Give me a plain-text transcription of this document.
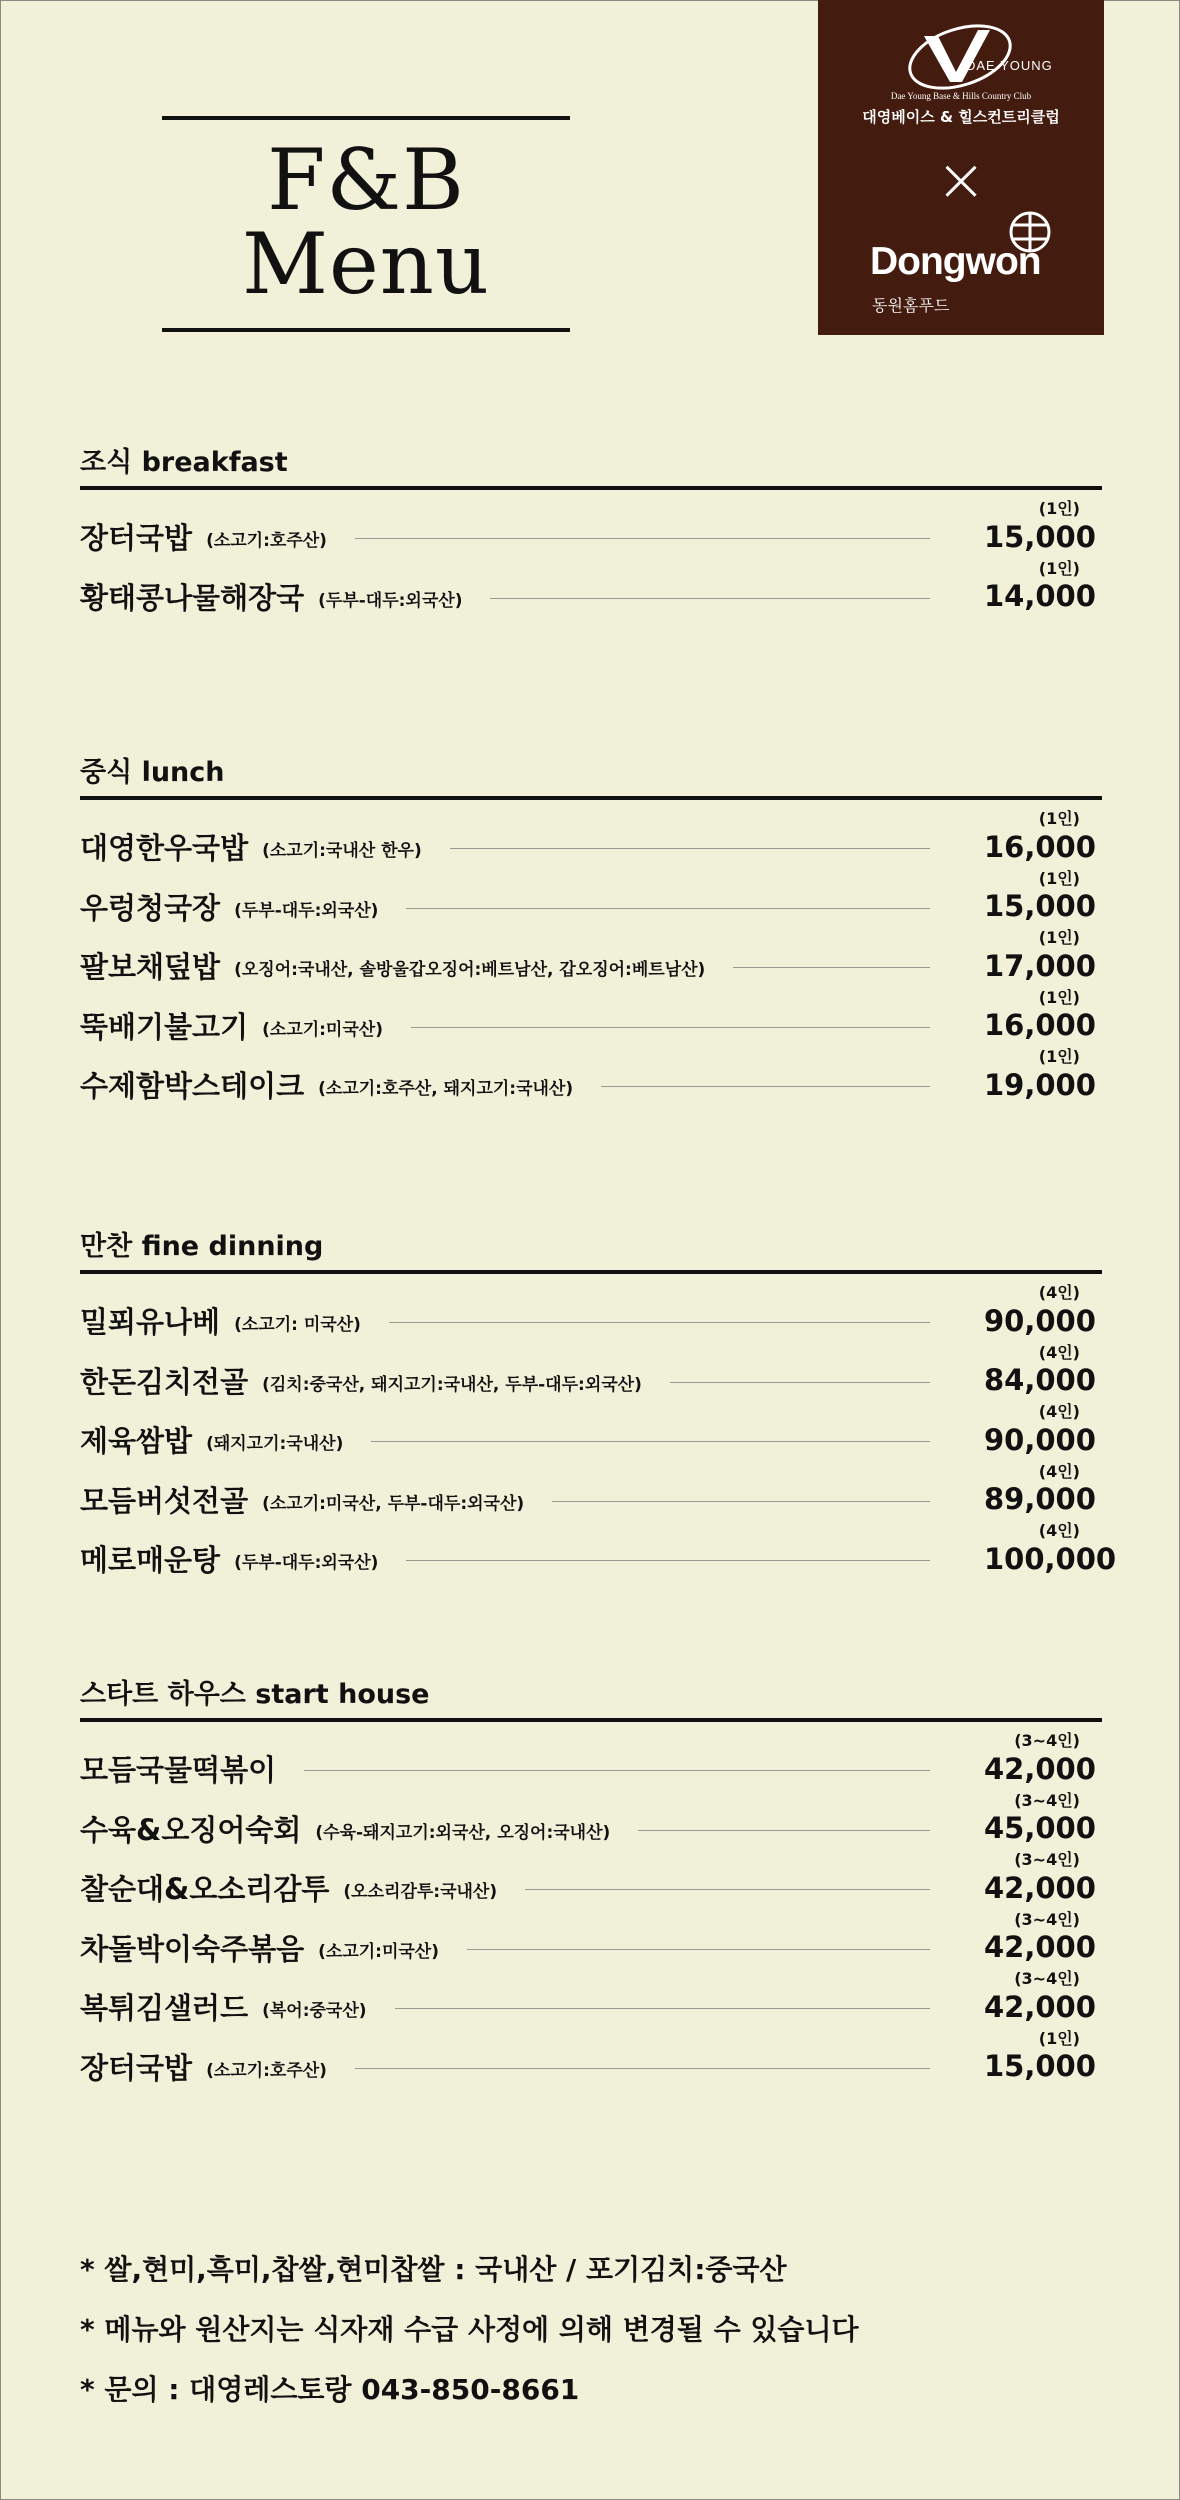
F&B Menu
DAE YOUNG
Dae Young Base & Hills Country Club
대영베이스 & 힐스컨트리클럽
×
Dongwon
동원홈푸드
조식 breakfast
(1인)
장터국밥 (소고기:호주산)	15,000
(1인)
황태콩나물해장국 (두부-대두:외국산)	14,000
중식 lunch
(1인)
대영한우국밥 (소고기:국내산 한우)	16,000
(1인)
우렁청국장 (두부-대두:외국산)	15,000
(1인)
팔보채덮밥 (오징어:국내산, 솔방울갑오징어:베트남산, 갑오징어:베트남산)	17,000
(1인)
뚝배기불고기 (소고기:미국산)	16,000
(1인)
수제함박스테이크 (소고기:호주산, 돼지고기:국내산)	19,000
만찬 fine dinning
(4인)
밀푀유나베 (소고기: 미국산)	90,000
(4인)
한돈김치전골 (김치:중국산, 돼지고기:국내산, 두부-대두:외국산)	84,000
(4인)
제육쌈밥 (돼지고기:국내산)	90,000
(4인)
모듬버섯전골 (소고기:미국산, 두부-대두:외국산)	89,000
(4인)
메로매운탕 (두부-대두:외국산)	100,000
스타트 하우스 start house
(3~4인)
모듬국물떡볶이	42,000
(3~4인)
수육&오징어숙회 (수육-돼지고기:외국산, 오징어:국내산)	45,000
(3~4인)
찰순대&오소리감투 (오소리감투:국내산)	42,000
(3~4인)
차돌박이숙주볶음 (소고기:미국산)	42,000
(3~4인)
복튀김샐러드 (복어:중국산)	42,000
(1인)
장터국밥 (소고기:호주산)	15,000
* 쌀,현미,흑미,찹쌀,현미찹쌀 : 국내산 / 포기김치:중국산
* 메뉴와 원산지는 식자재 수급 사정에 의해 변경될 수 있습니다
* 문의 : 대영레스토랑 043-850-8661
